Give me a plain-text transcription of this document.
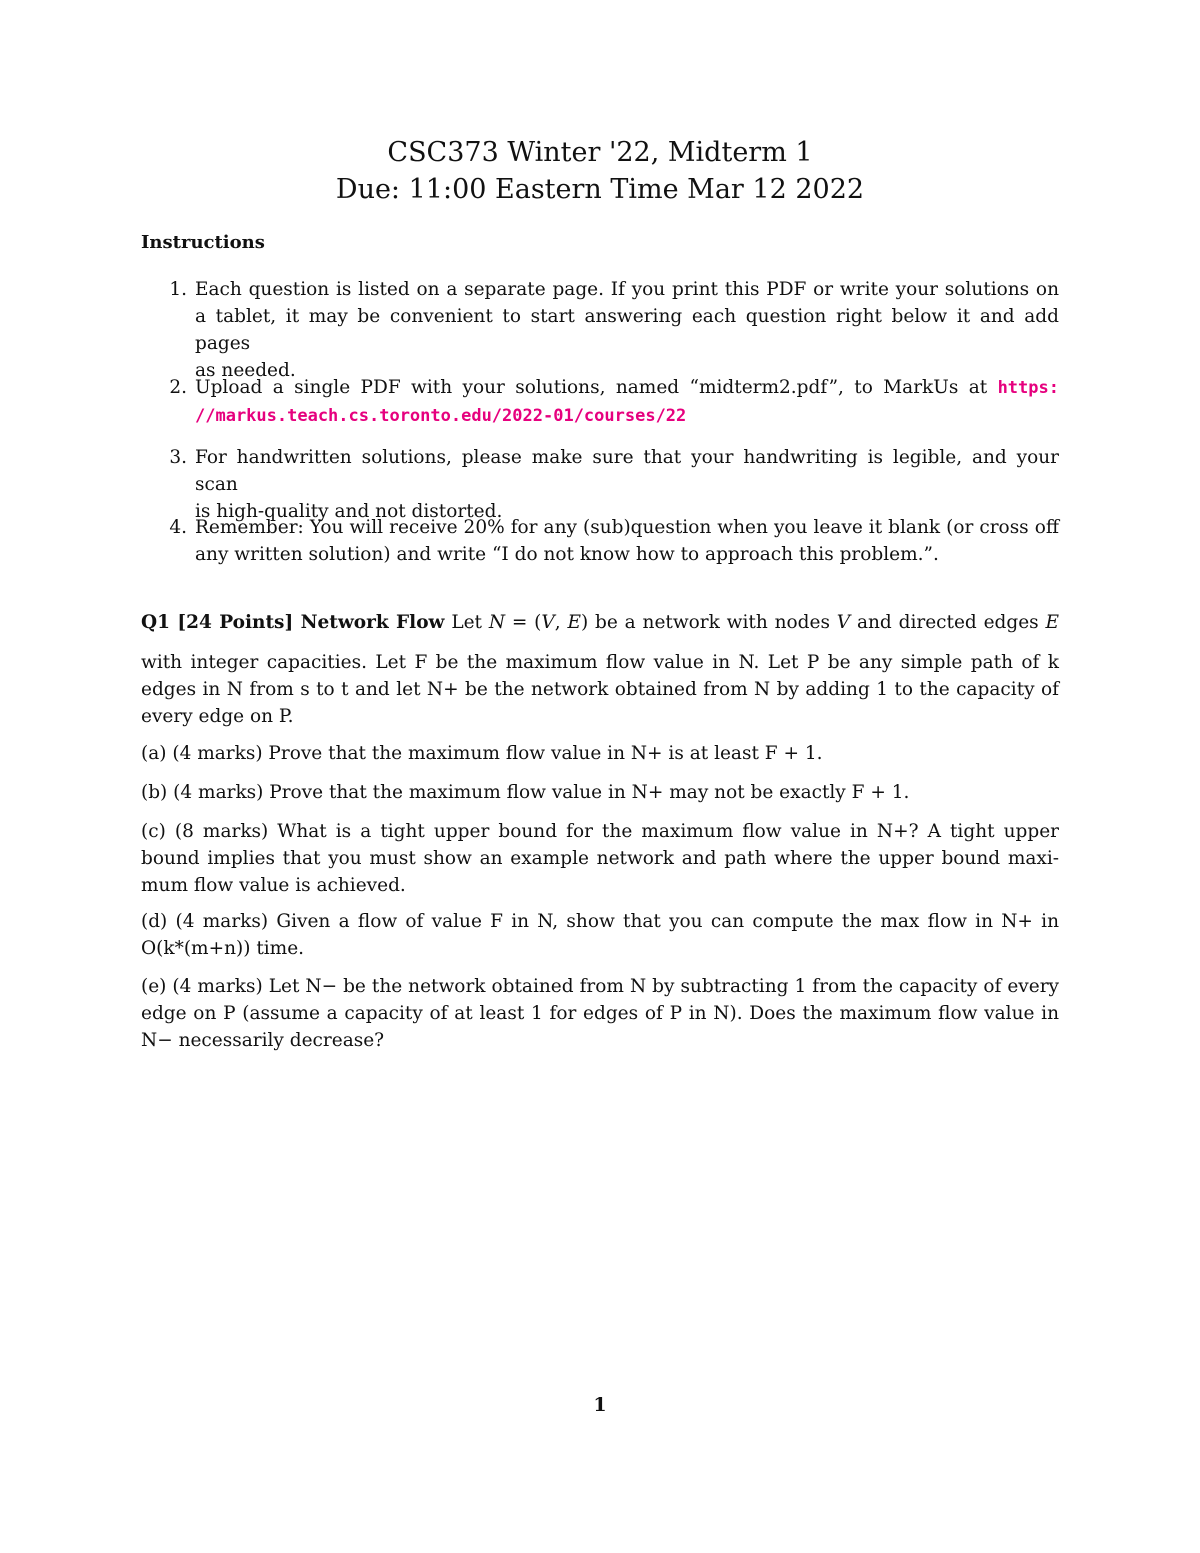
CSC373 Winter '22, Midterm 1
Due: 11:00 Eastern Time Mar 12 2022
Instructions
1. Each question is listed on a separate page. If you print this PDF or write your solutions on
a tablet, it may be convenient to start answering each question right below it and add pages
as needed.
2. Upload a single PDF with your solutions, named “midterm2.pdf”, to MarkUs at https:
//markus.teach.cs.toronto.edu/2022-01/courses/22
3. For handwritten solutions, please make sure that your handwriting is legible, and your scan
is high-quality and not distorted.
4. Remember: You will receive 20% for any (sub)question when you leave it blank (or cross off
any written solution) and write “I do not know how to approach this problem.”.
Q1 [24 Points] Network Flow Let N = (V, E) be a network with nodes V and directed edges E
with integer capacities. Let F be the maximum flow value in N. Let P be any simple path of k
edges in N from s to t and let N+ be the network obtained from N by adding 1 to the capacity of
every edge on P.
(a) (4 marks) Prove that the maximum flow value in N+ is at least F + 1.
(b) (4 marks) Prove that the maximum flow value in N+ may not be exactly F + 1.
(c) (8 marks) What is a tight upper bound for the maximum flow value in N+? A tight upper
bound implies that you must show an example network and path where the upper bound maxi-
mum flow value is achieved.
(d) (4 marks) Given a flow of value F in N, show that you can compute the max flow in N+ in
O(k*(m+n)) time.
(e) (4 marks) Let N− be the network obtained from N by subtracting 1 from the capacity of every
edge on P (assume a capacity of at least 1 for edges of P in N). Does the maximum flow value in
N− necessarily decrease?
1
